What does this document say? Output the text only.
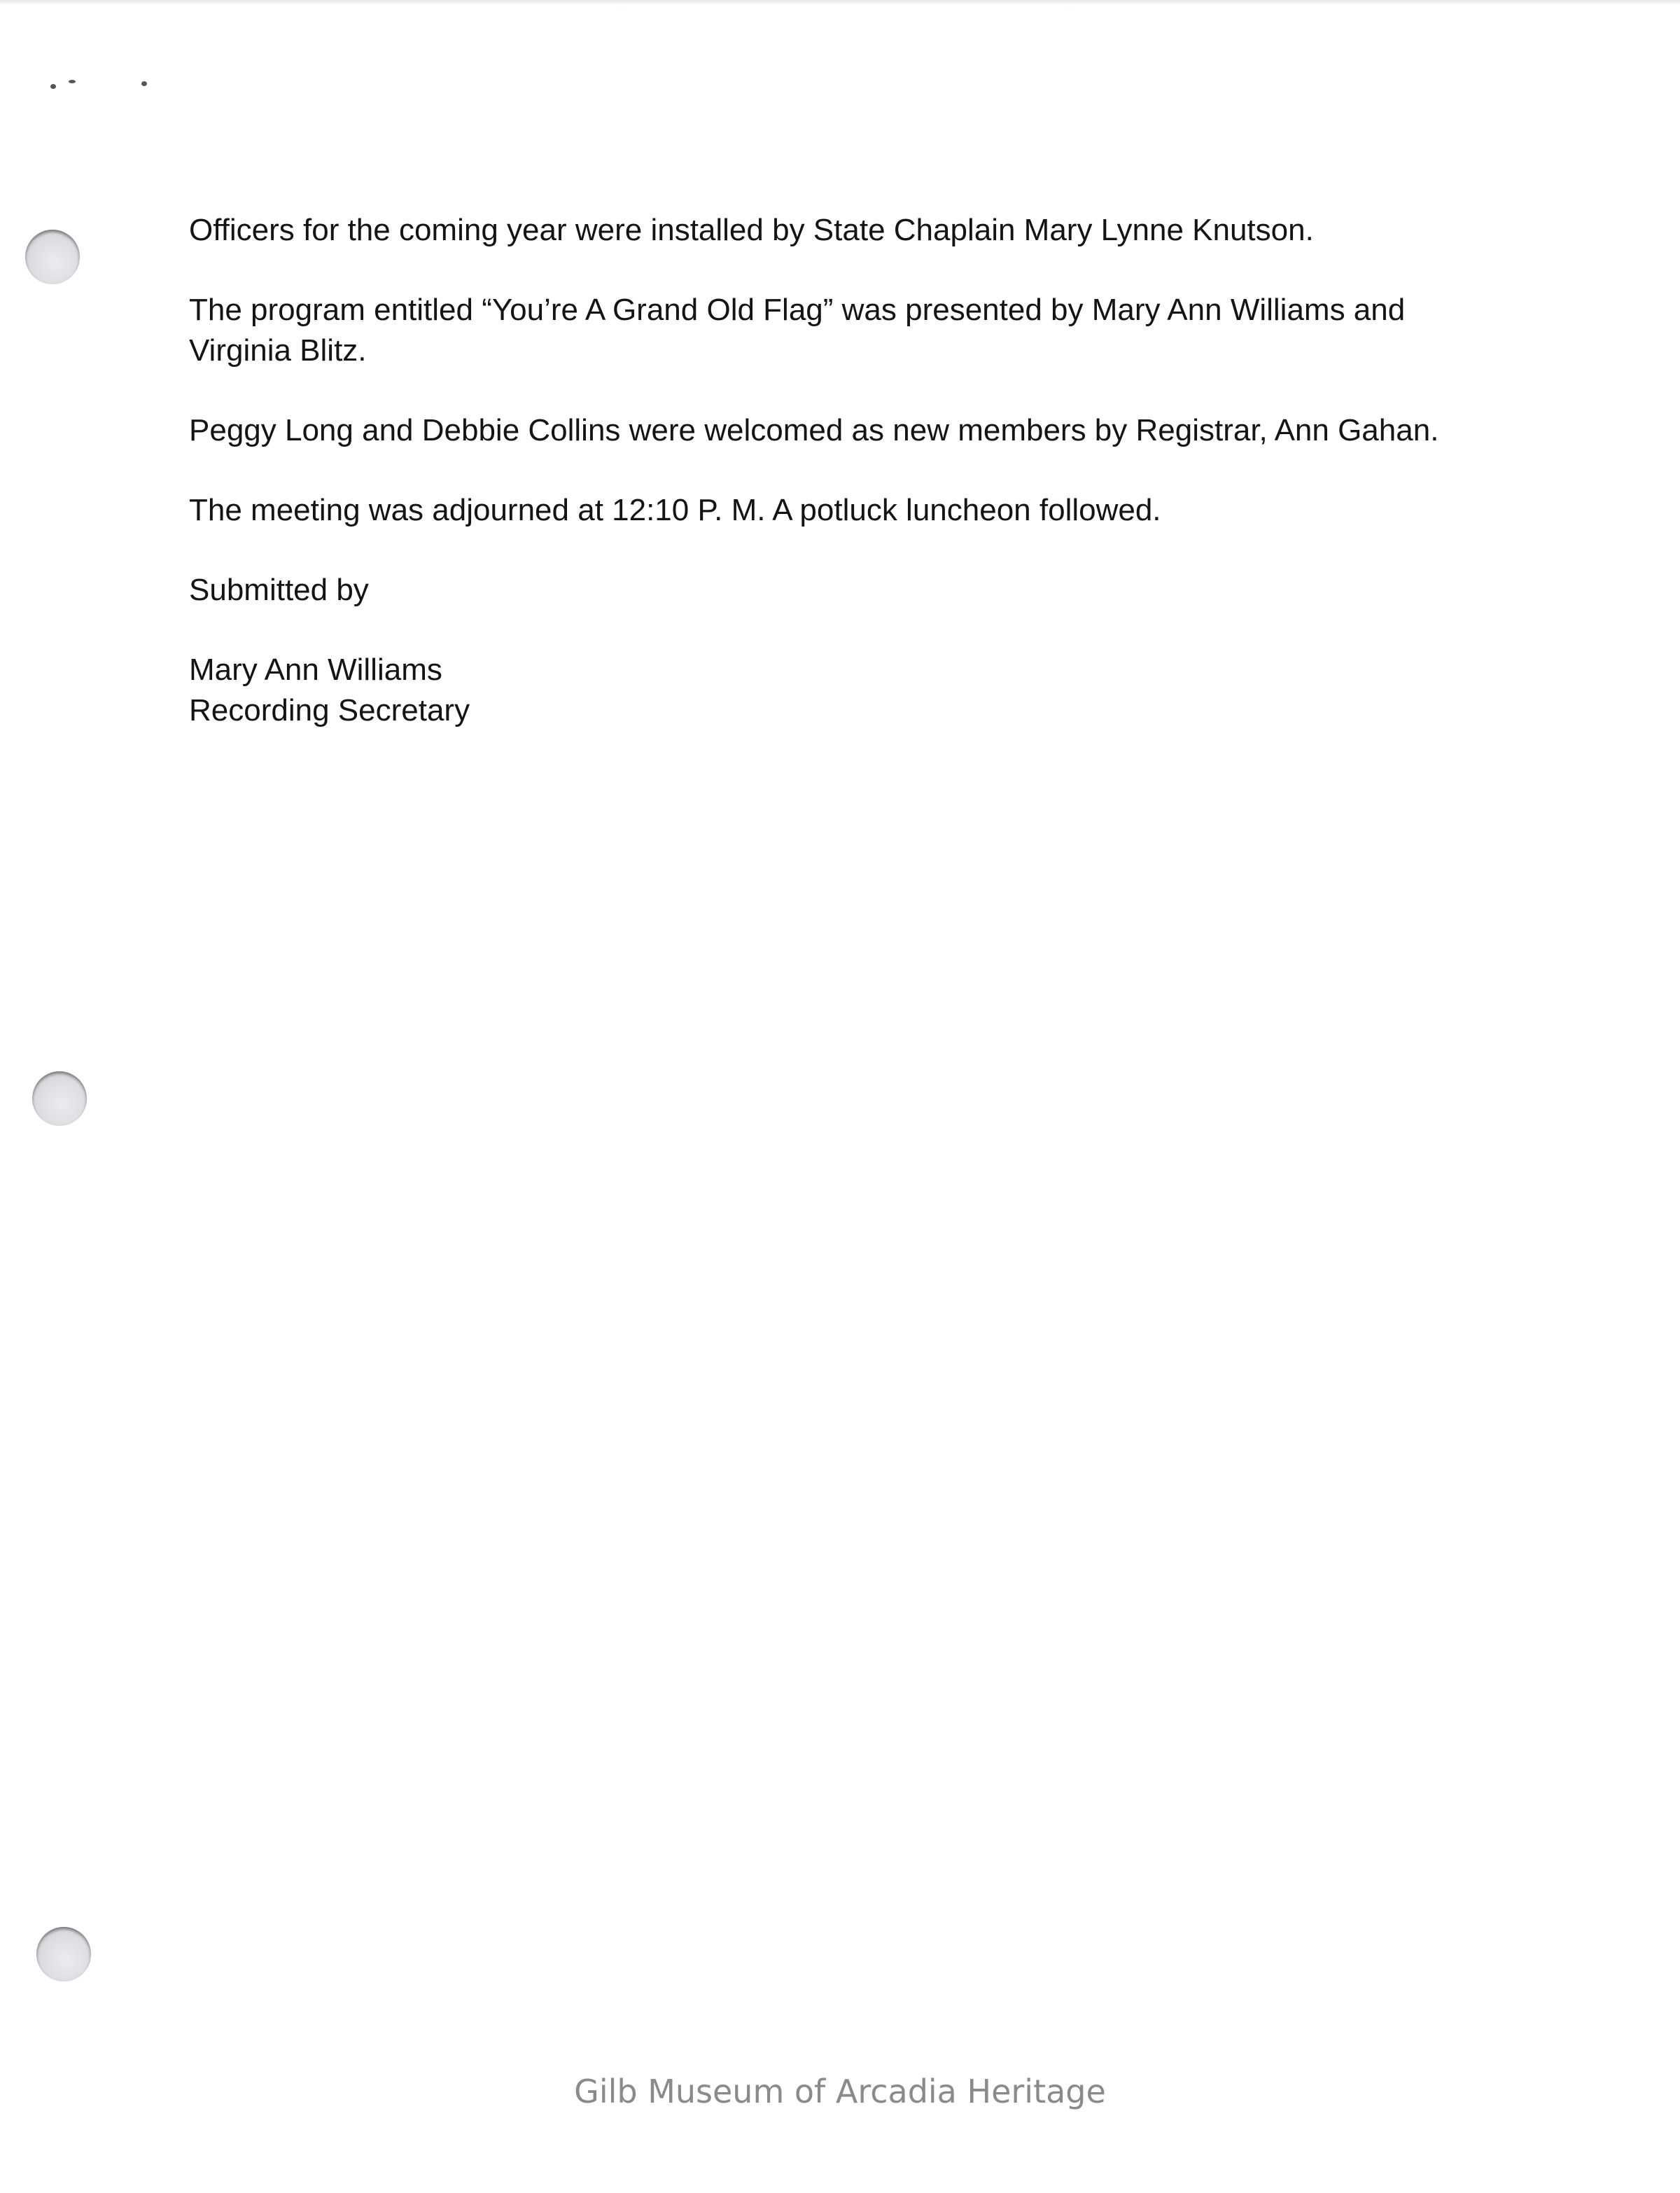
Officers for the coming year were installed by State Chaplain Mary Lynne Knutson.

The program entitled “You’re A Grand Old Flag” was presented by Mary Ann Williams and Virginia Blitz.

Peggy Long and Debbie Collins were welcomed as new members by Registrar, Ann Gahan.

The meeting was adjourned at 12:10 P. M. A potluck luncheon followed.

Submitted by

Mary Ann Williams
Recording Secretary

Gilb Museum of Arcadia Heritage
